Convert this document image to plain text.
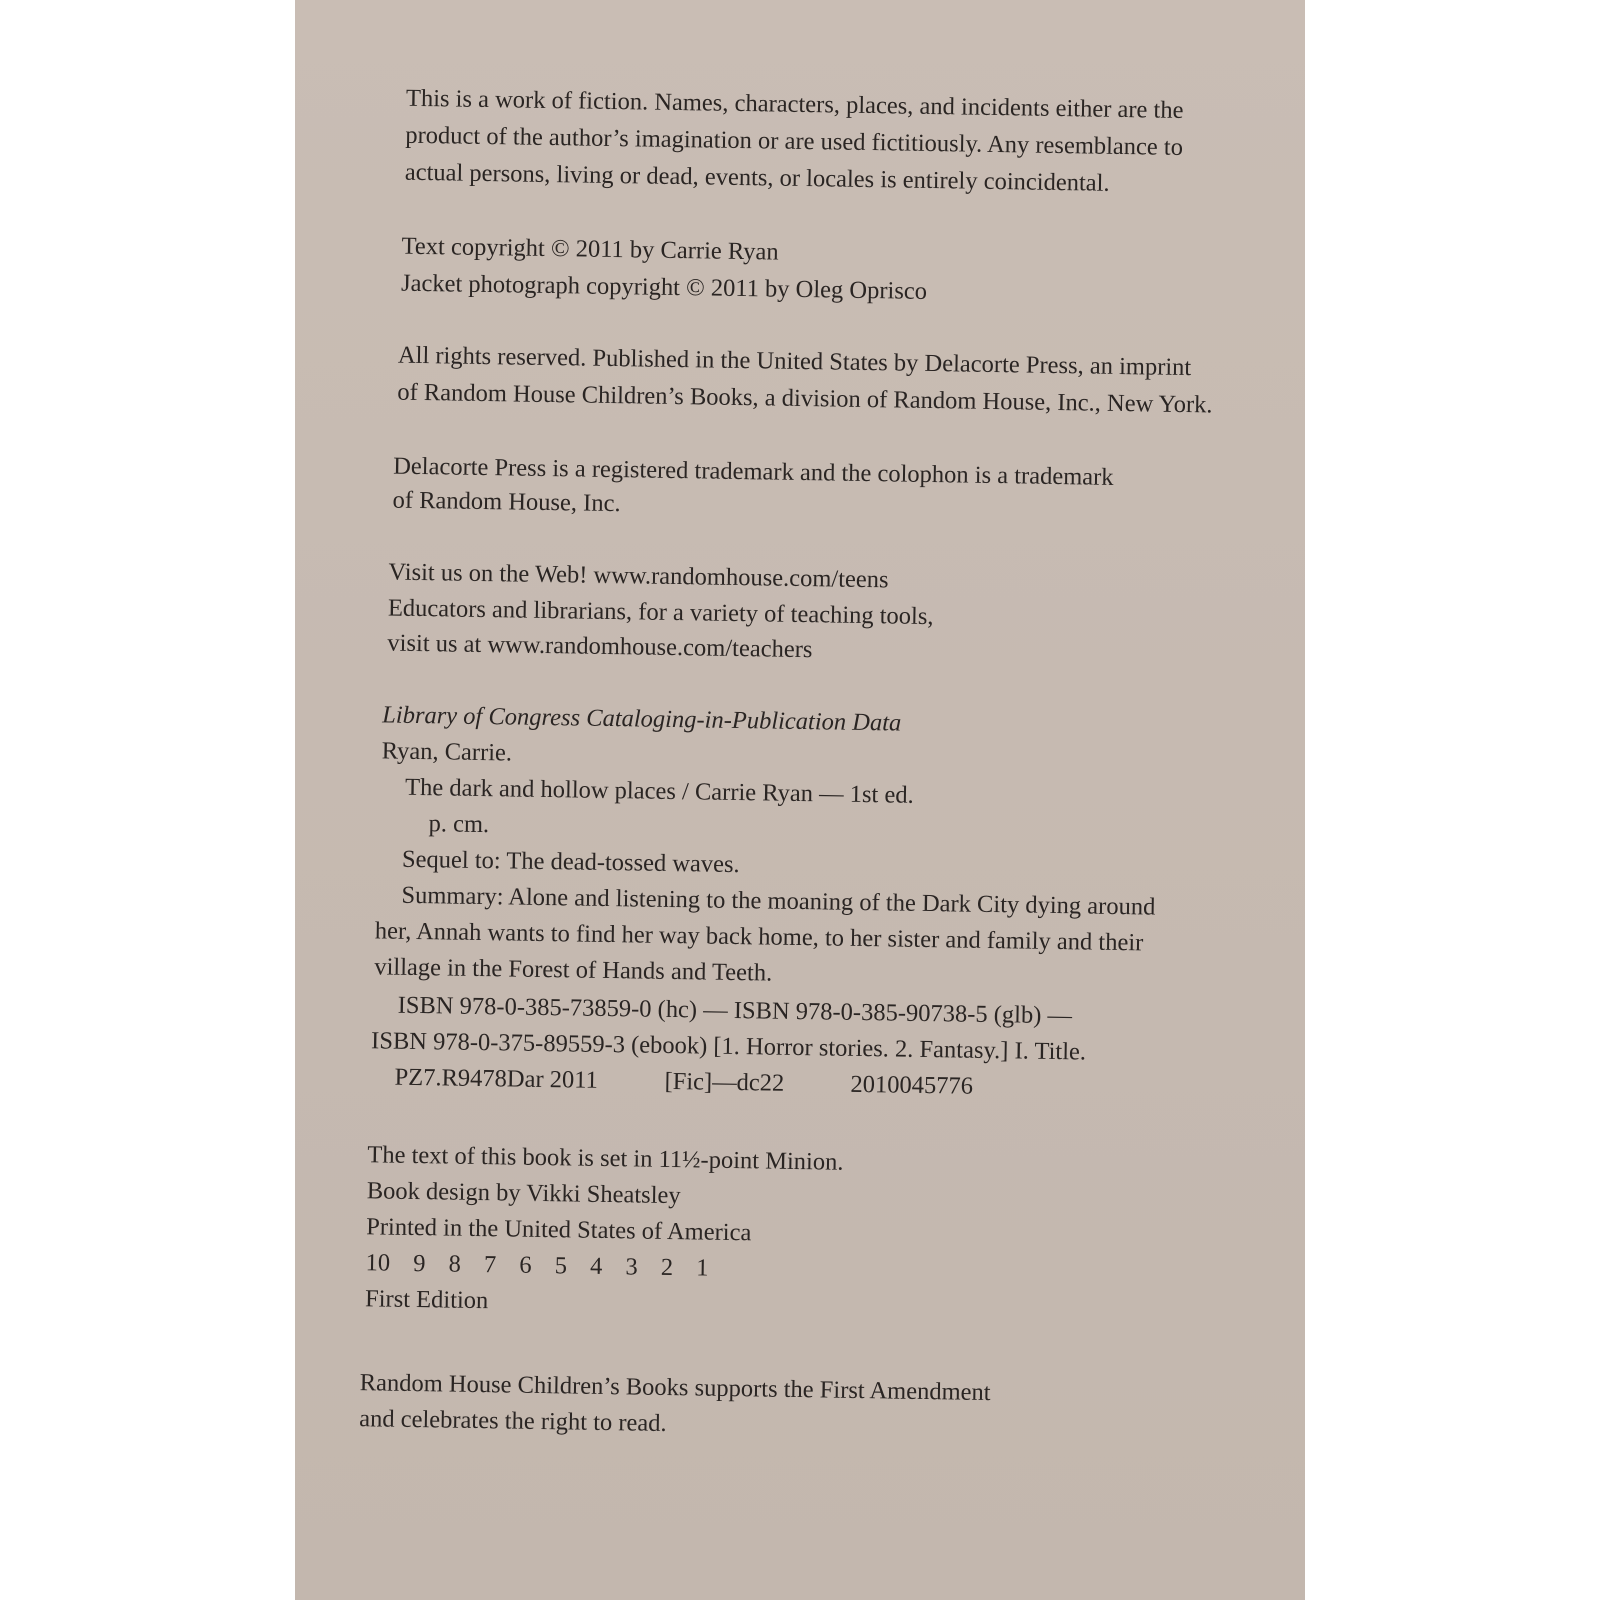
This is a work of fiction. Names, characters, places, and incidents either are the
product of the author’s imagination or are used fictitiously. Any resemblance to
actual persons, living or dead, events, or locales is entirely coincidental.
Text copyright © 2011 by Carrie Ryan
Jacket photograph copyright © 2011 by Oleg Oprisco
All rights reserved. Published in the United States by Delacorte Press, an imprint
of Random House Children’s Books, a division of Random House, Inc., New York.
Delacorte Press is a registered trademark and the colophon is a trademark
of Random House, Inc.
Visit us on the Web! www.randomhouse.com/teens
Educators and librarians, for a variety of teaching tools,
visit us at www.randomhouse.com/teachers
Library of Congress Cataloging-in-Publication Data
Ryan, Carrie.
The dark and hollow places / Carrie Ryan — 1st ed.
p. cm.
Sequel to: The dead-tossed waves.
Summary: Alone and listening to the moaning of the Dark City dying around
her, Annah wants to find her way back home, to her sister and family and their
village in the Forest of Hands and Teeth.
ISBN 978-0-385-73859-0 (hc) — ISBN 978-0-385-90738-5 (glb) —
ISBN 978-0-375-89559-3 (ebook) [1. Horror stories. 2. Fantasy.] I. Title.
PZ7.R9478Dar 2011	[Fic]—dc22	2010045776
The text of this book is set in 11½-point Minion.
Book design by Vikki Sheatsley
Printed in the United States of America
10 9 8 7 6 5 4 3 2 1
First Edition
Random House Children’s Books supports the First Amendment
and celebrates the right to read.
